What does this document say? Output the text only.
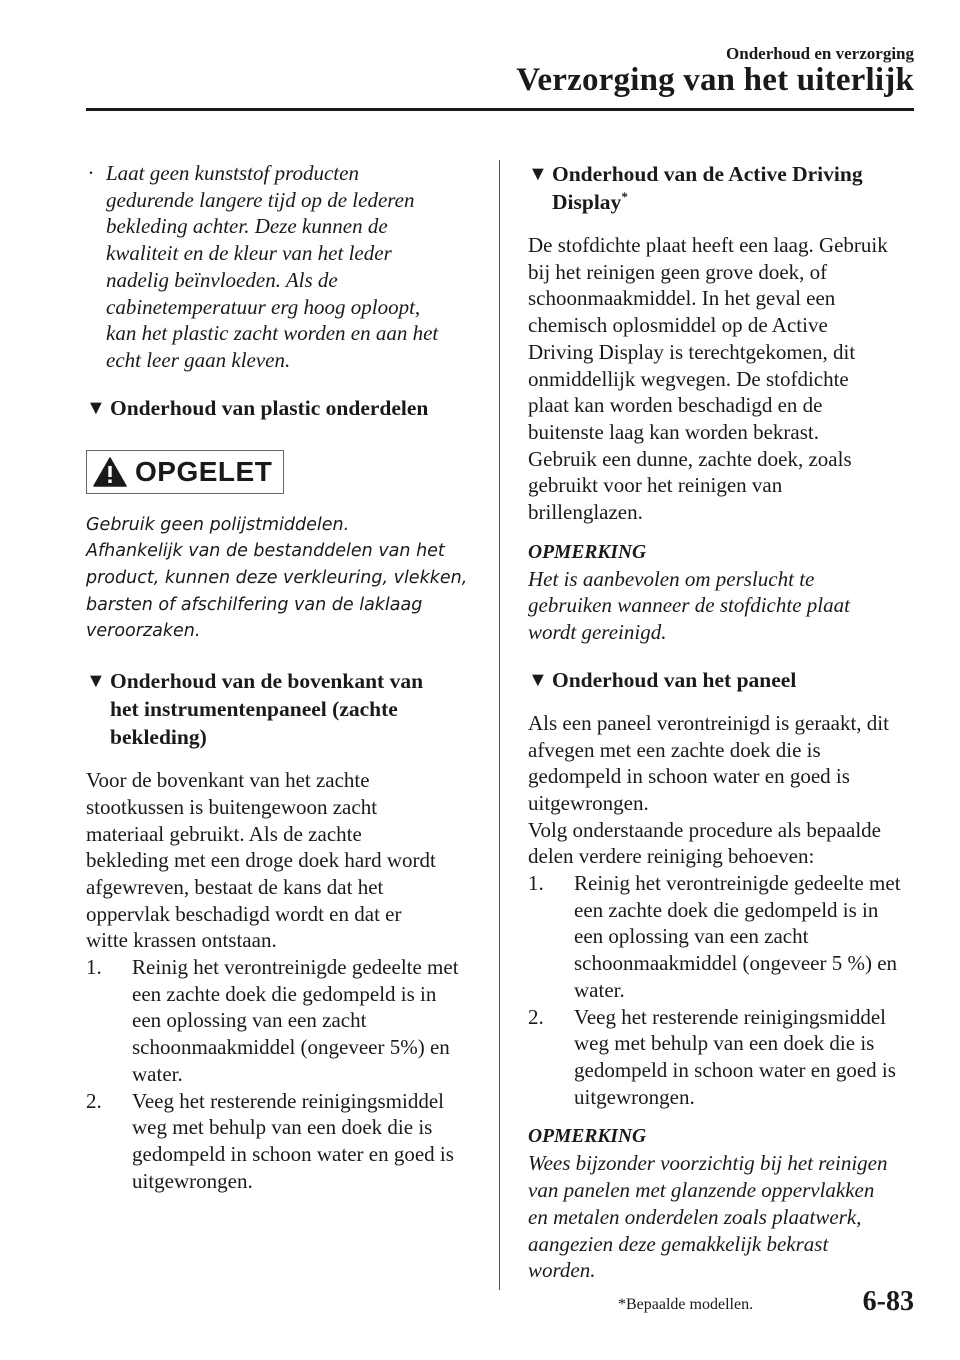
Onderhoud en verzorging
Verzorging van het uiterlijk
· Laat geen kunststof producten
gedurende langere tijd op de lederen
bekleding achter. Deze kunnen de
kwaliteit en de kleur van het leder
nadelig beïnvloeden. Als de
cabinetemperatuur erg hoog oploopt,
kan het plastic zacht worden en aan het
echt leer gaan kleven.
▼ Onderhoud van plastic onderdelen
OPGELET
Gebruik geen polijstmiddelen.
Afhankelijk van de bestanddelen van het
product, kunnen deze verkleuring, vlekken,
barsten of afschilfering van de laklaag
veroorzaken.
▼ Onderhoud van de bovenkant van
het instrumentenpaneel (zachte
bekleding)
Voor de bovenkant van het zachte
stootkussen is buitengewoon zacht
materiaal gebruikt. Als de zachte
bekleding met een droge doek hard wordt
afgewreven, bestaat de kans dat het
oppervlak beschadigd wordt en dat er
witte krassen ontstaan.
1. Reinig het verontreinigde gedeelte met
een zachte doek die gedompeld is in
een oplossing van een zacht
schoonmaakmiddel (ongeveer 5%) en
water.
2. Veeg het resterende reinigingsmiddel
weg met behulp van een doek die is
gedompeld in schoon water en goed is
uitgewrongen.
▼ Onderhoud van de Active Driving
Display*
De stofdichte plaat heeft een laag. Gebruik
bij het reinigen geen grove doek, of
schoonmaakmiddel. In het geval een
chemisch oplosmiddel op de Active
Driving Display is terechtgekomen, dit
onmiddellijk wegvegen. De stofdichte
plaat kan worden beschadigd en de
buitenste laag kan worden bekrast.
Gebruik een dunne, zachte doek, zoals
gebruikt voor het reinigen van
brillenglazen.
OPMERKING
Het is aanbevolen om perslucht te
gebruiken wanneer de stofdichte plaat
wordt gereinigd.
▼ Onderhoud van het paneel
Als een paneel verontreinigd is geraakt, dit
afvegen met een zachte doek die is
gedompeld in schoon water en goed is
uitgewrongen.
Volg onderstaande procedure als bepaalde
delen verdere reiniging behoeven:
1. Reinig het verontreinigde gedeelte met
een zachte doek die gedompeld is in
een oplossing van een zacht
schoonmaakmiddel (ongeveer 5 %) en
water.
2. Veeg het resterende reinigingsmiddel
weg met behulp van een doek die is
gedompeld in schoon water en goed is
uitgewrongen.
OPMERKING
Wees bijzonder voorzichtig bij het reinigen
van panelen met glanzende oppervlakken
en metalen onderdelen zoals plaatwerk,
aangezien deze gemakkelijk bekrast
worden.
*Bepaalde modellen.	6-83
